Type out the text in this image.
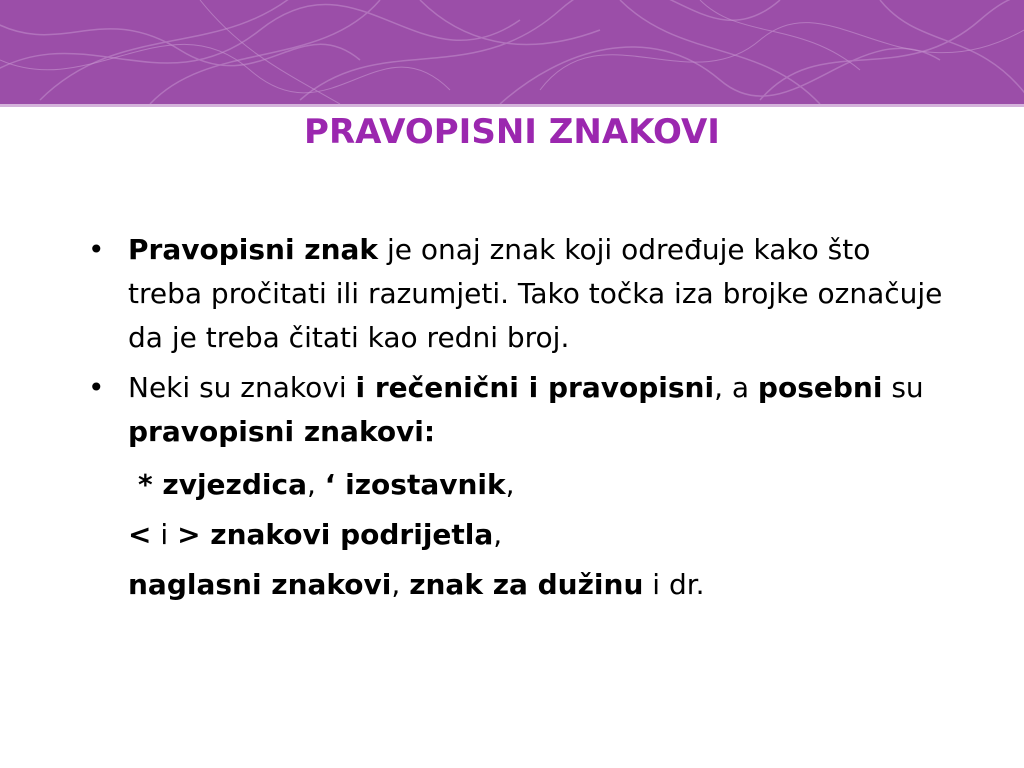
PRAVOPISNI ZNAKOVI
• Pravopisni znak je onaj znak koji određuje kako što treba pročitati ili razumjeti. Tako točka iza brojke označuje da je treba čitati kao redni broj.
• Neki su znakovi i rečenični i pravopisni, a posebni su pravopisni znakovi:
* zvjezdica, ‘ izostavnik,
< i > znakovi podrijetla,
naglasni znakovi, znak za dužinu i dr.
